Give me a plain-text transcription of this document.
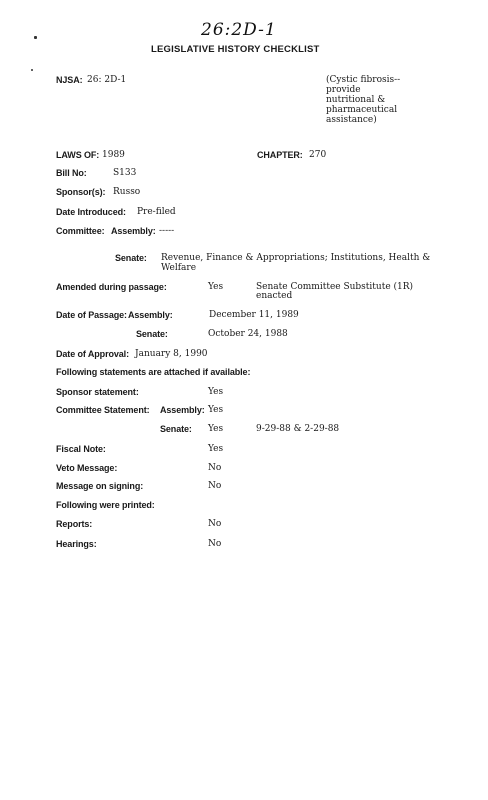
26:2D-1
LEGISLATIVE HISTORY CHECKLIST
NJSA: 26: 2D-1	(Cystic fibrosis--
provide
nutritional &
pharmaceutical
assistance)
LAWS OF: 1989	CHAPTER: 270
Bill No:	S133
Sponsor(s): Russo
Date Introduced: Pre-filed
Committee: Assembly: -----
Senate: Revenue, Finance & Appropriations; Institutions, Health &
Welfare
Amended during passage:	Yes	Senate Committee Substitute (1R)
enacted
Date of Passage: Assembly:	December 11, 1989
Senate:	October 24, 1988
Date of Approval: January 8, 1990
Following statements are attached if available:
Sponsor statement:	Yes
Committee Statement: Assembly: Yes
Senate: Yes	9-29-88 & 2-29-88
Fiscal Note:	Yes
Veto Message:	No
Message on signing:	No
Following were printed:
Reports:	No
Hearings:	No
